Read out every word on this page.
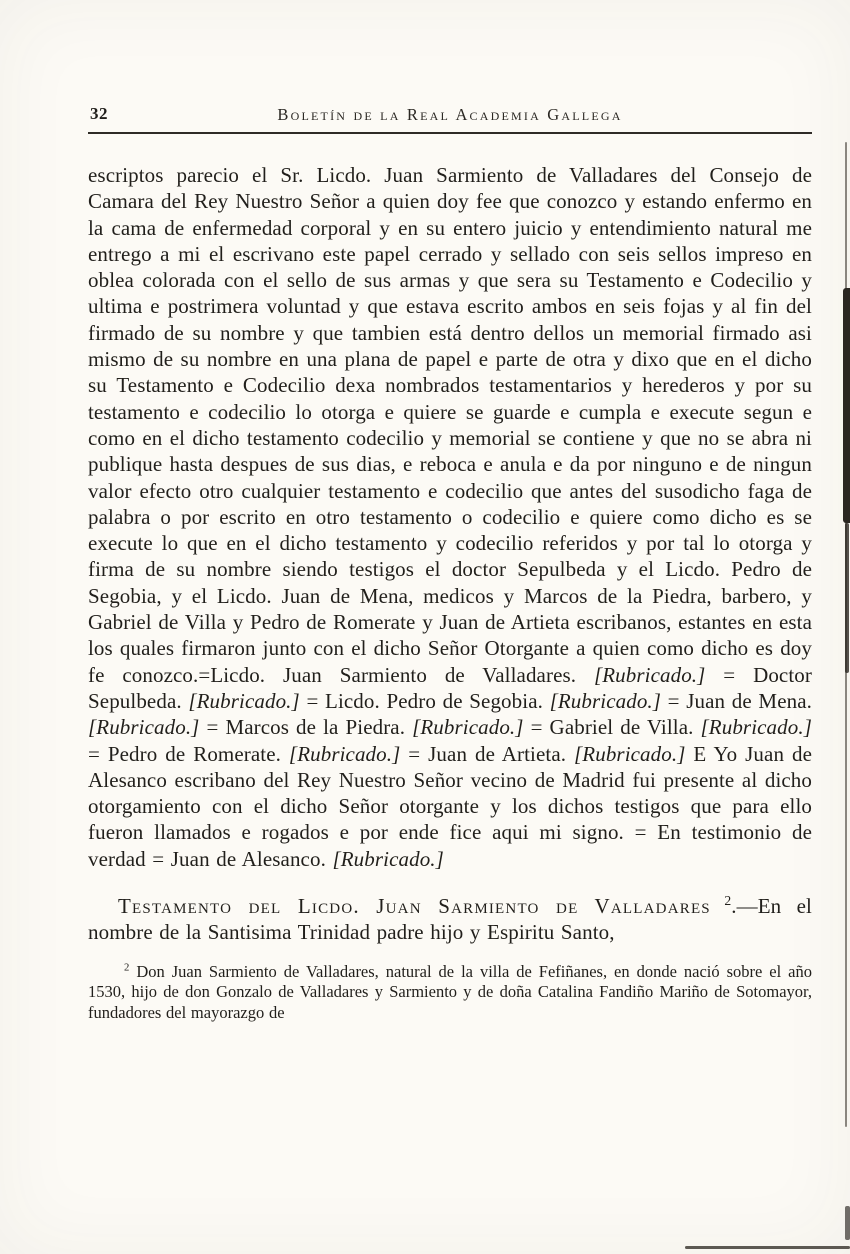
32	Boletín de la Real Academia Gallega

escriptos parecio el Sr. Licdo. Juan Sarmiento de Valladares del Consejo de Camara del Rey Nuestro Señor a quien doy fee que conozco y estando enfermo en la cama de enfermedad corporal y en su entero juicio y entendimiento natural me entrego a mi el escrivano este papel cerrado y sellado con seis sellos impreso en oblea colorada con el sello de sus armas y que sera su Testamento e Codecilio y ultima e postrimera voluntad y que estava escrito ambos en seis fojas y al fin del firmado de su nombre y que tambien está dentro dellos un memorial firmado asi mismo de su nombre en una plana de papel e parte de otra y dixo que en el dicho su Testamento e Codecilio dexa nombrados testamentarios y herederos y por su testamento e codecilio lo otorga e quiere se guarde e cumpla e execute segun e como en el dicho testamento codecilio y memorial se contiene y que no se abra ni publique hasta despues de sus dias, e reboca e anula e da por ninguno e de ningun valor efecto otro cualquier testamento e codecilio que antes del susodicho faga de palabra o por escrito en otro testamento o codecilio e quiere como dicho es se execute lo que en el dicho testamento y codecilio referidos y por tal lo otorga y firma de su nombre siendo testigos el doctor Sepulbeda y el Licdo. Pedro de Segobia, y el Licdo. Juan de Mena, medicos y Marcos de la Piedra, barbero, y Gabriel de Villa y Pedro de Romerate y Juan de Artieta escribanos, estantes en esta los quales firmaron junto con el dicho Señor Otorgante a quien como dicho es doy fe conozco.=Licdo. Juan Sarmiento de Valladares. [Rubricado.] = Doctor Sepulbeda. [Rubricado.] = Licdo. Pedro de Segobia. [Rubricado.] = Juan de Mena. [Rubricado.] = Marcos de la Piedra. [Rubricado.] = Gabriel de Villa. [Rubricado.] = Pedro de Romerate. [Rubricado.] = Juan de Artieta. [Rubricado.] E Yo Juan de Alesanco escribano del Rey Nuestro Señor vecino de Madrid fui presente al dicho otorgamiento con el dicho Señor otorgante y los dichos testigos que para ello fueron llamados e rogados e por ende fice aqui mi signo. = En testimonio de verdad = Juan de Alesanco. [Rubricado.]

Testamento del Licdo. Juan Sarmiento de Valladares $^2$.—En el nombre de la Santisima Trinidad padre hijo y Espiritu Santo,

$^2$ Don Juan Sarmiento de Valladares, natural de la villa de Fefiñanes, en donde nació sobre el año 1530, hijo de don Gonzalo de Valladares y Sarmiento y de doña Catalina Fandiño Mariño de Sotomayor, fundadores del mayorazgo de
